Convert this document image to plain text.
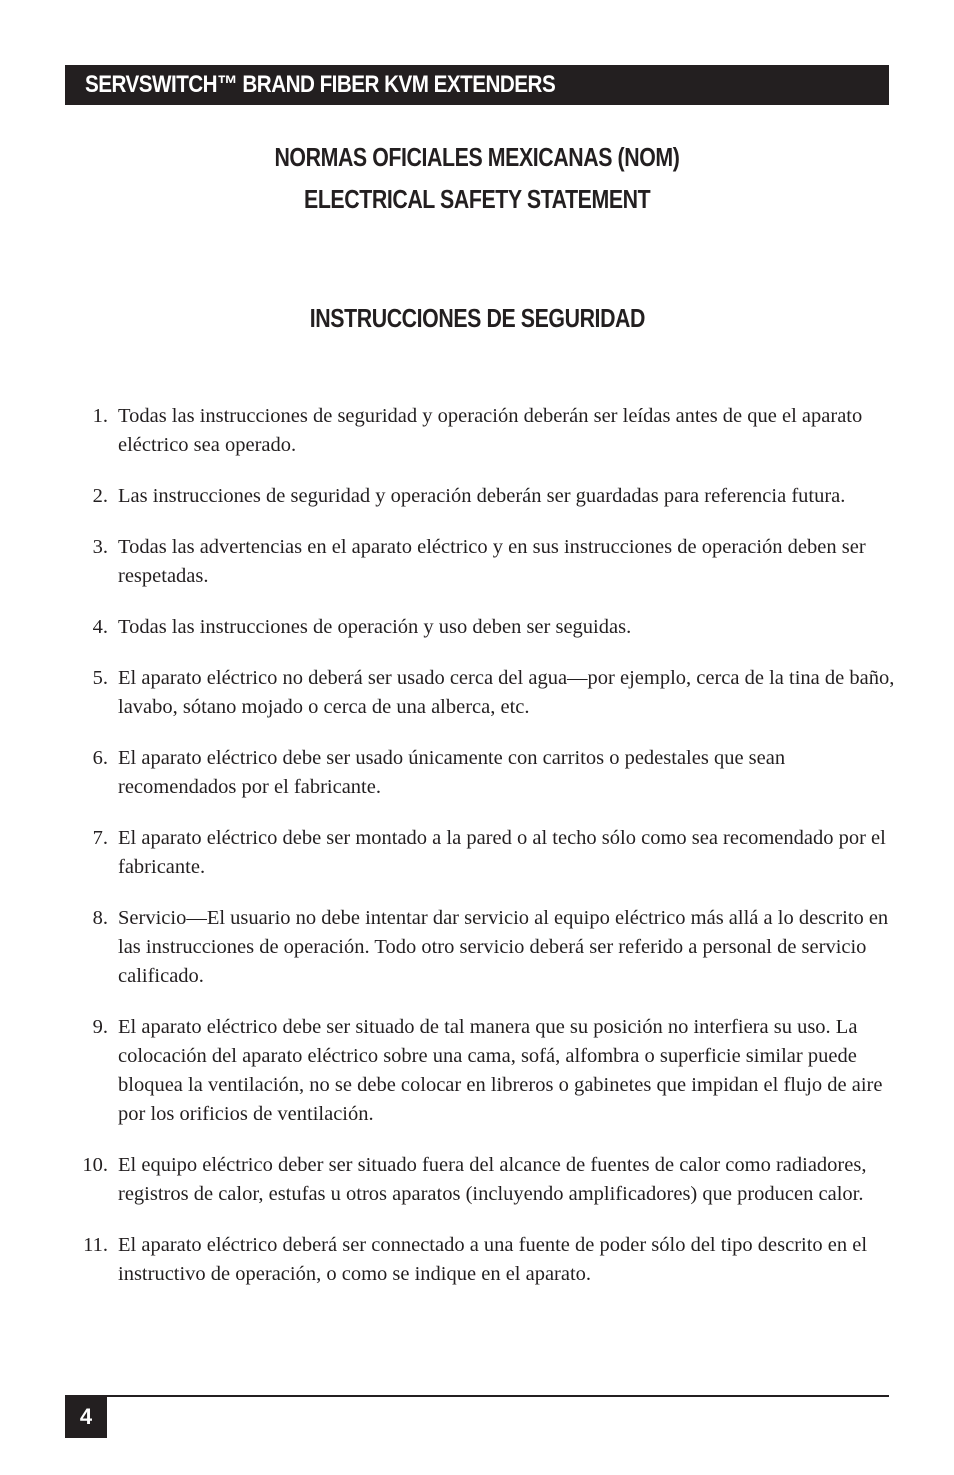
SERVSWITCH™ BRAND FIBER KVM EXTENDERS
NORMAS OFICIALES MEXICANAS (NOM)
ELECTRICAL SAFETY STATEMENT
INSTRUCCIONES DE SEGURIDAD
1. Todas las instrucciones de seguridad y operación deberán ser leídas antes de que el aparato eléctrico sea operado.
2. Las instrucciones de seguridad y operación deberán ser guardadas para referencia futura.
3. Todas las advertencias en el aparato eléctrico y en sus instrucciones de operación deben ser respetadas.
4. Todas las instrucciones de operación y uso deben ser seguidas.
5. El aparato eléctrico no deberá ser usado cerca del agua—por ejemplo, cerca de la tina de baño, lavabo, sótano mojado o cerca de una alberca, etc.
6. El aparato eléctrico debe ser usado únicamente con carritos o pedestales que sean recomendados por el fabricante.
7. El aparato eléctrico debe ser montado a la pared o al techo sólo como sea recomendado por el fabricante.
8. Servicio—El usuario no debe intentar dar servicio al equipo eléctrico más allá a lo descrito en las instrucciones de operación. Todo otro servicio deberá ser referido a personal de servicio calificado.
9. El aparato eléctrico debe ser situado de tal manera que su posición no interfiera su uso. La colocación del aparato eléctrico sobre una cama, sofá, alfombra o superficie similar puede bloquea la ventilación, no se debe colocar en libreros o gabinetes que impidan el flujo de aire por los orificios de ventilación.
10. El equipo eléctrico deber ser situado fuera del alcance de fuentes de calor como radiadores, registros de calor, estufas u otros aparatos (incluyendo amplificadores) que producen calor.
11. El aparato eléctrico deberá ser connectado a una fuente de poder sólo del tipo descrito en el instructivo de operación, o como se indique en el aparato.
4
